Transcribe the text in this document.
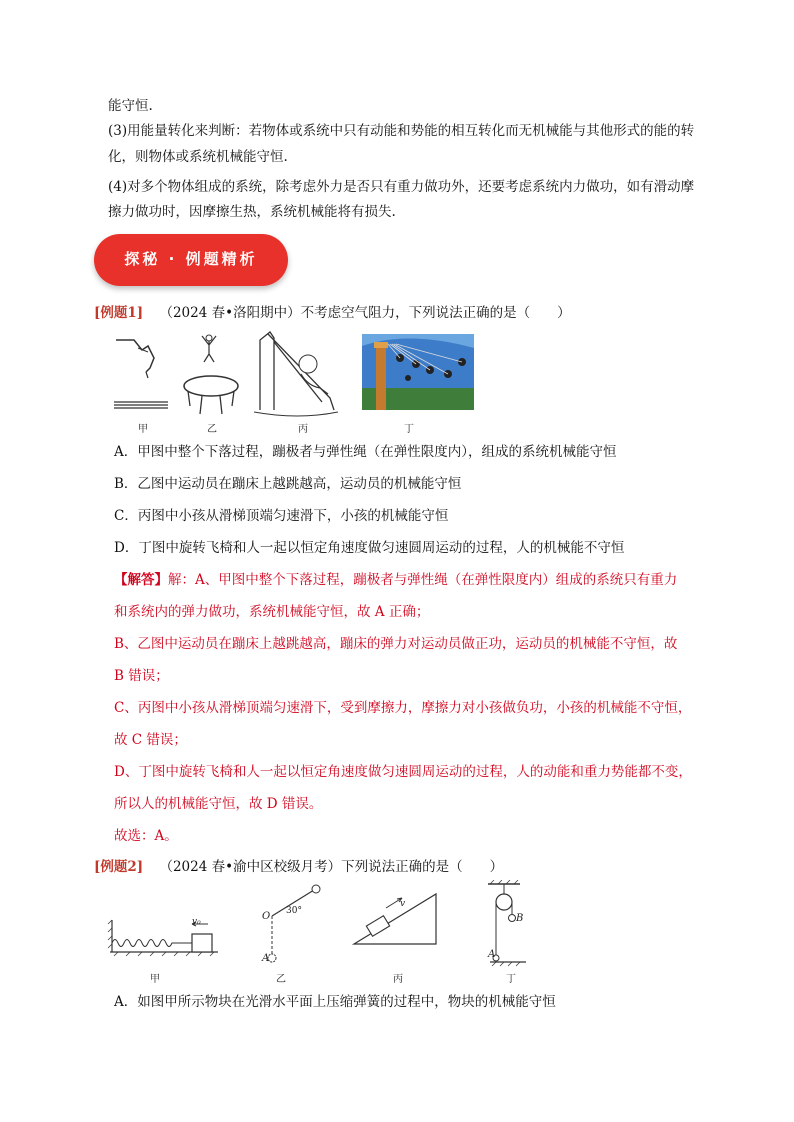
能守恒.
(3)用能量转化来判断：若物体或系统中只有动能和势能的相互转化而无机械能与其他形式的能的转
化，则物体或系统机械能守恒.
(4)对多个物体组成的系统，除考虑外力是否只有重力做功外，还要考虑系统内力做功，如有滑动摩
擦力做功时，因摩擦生热，系统机械能将有损失.
探秘 · 例题精析
[例题1] （2024 春•洛阳期中）不考虑空气阻力，下列说法正确的是（　　）
甲	乙	丙	丁
A．甲图中整个下落过程，蹦极者与弹性绳（在弹性限度内），组成的系统机械能守恒
B．乙图中运动员在蹦床上越跳越高，运动员的机械能守恒
C．丙图中小孩从滑梯顶端匀速滑下，小孩的机械能守恒
D．丁图中旋转飞椅和人一起以恒定角速度做匀速圆周运动的过程，人的机械能不守恒
【解答】解：A、甲图中整个下落过程，蹦极者与弹性绳（在弹性限度内）组成的系统只有重力
和系统内的弹力做功，系统机械能守恒，故 A 正确；
B、乙图中运动员在蹦床上越跳越高，蹦床的弹力对运动员做正功，运动员的机械能不守恒，故
B 错误；
C、丙图中小孩从滑梯顶端匀速滑下，受到摩擦力，摩擦力对小孩做负功，小孩的机械能不守恒，
故 C 错误；
D、丁图中旋转飞椅和人一起以恒定角速度做匀速圆周运动的过程，人的动能和重力势能都不变，
所以人的机械能守恒，故 D 错误。
故选：A。
[例题2] （2024 春•渝中区校级月考）下列说法正确的是（　　）
v₀	O 30°
A
v
B
A
甲	乙	丙	丁
A．如图甲所示物块在光滑水平面上压缩弹簧的过程中，物块的机械能守恒
